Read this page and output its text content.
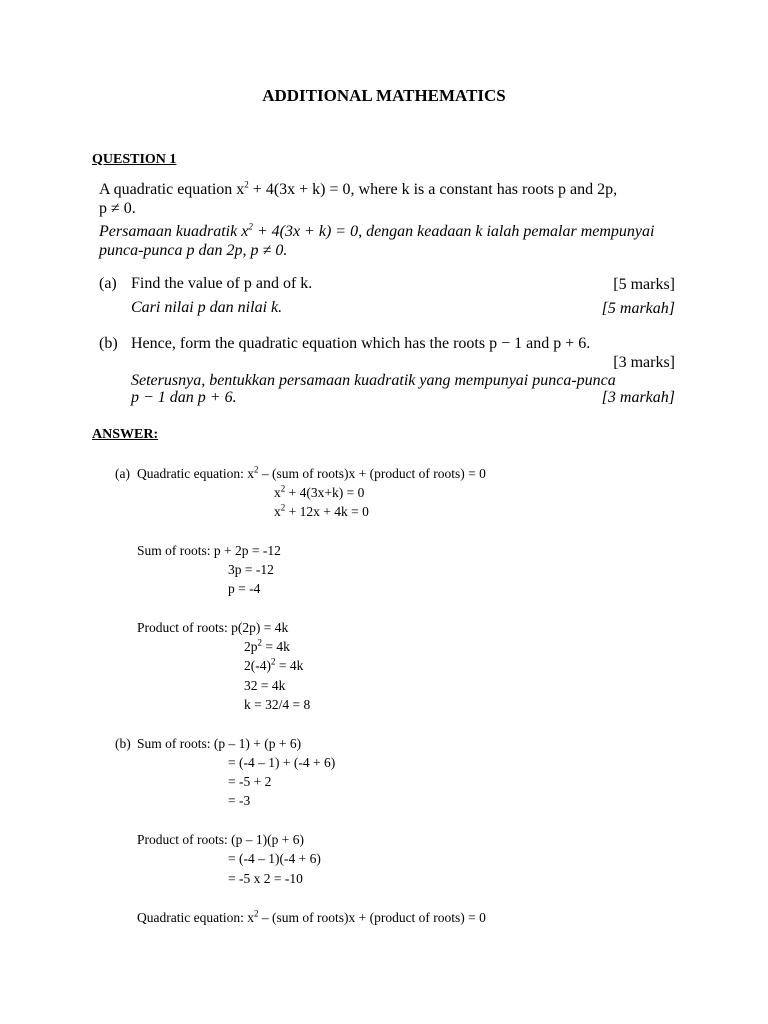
ADDITIONAL MATHEMATICS
QUESTION 1
A quadratic equation $x^2 + 4(3x + k) = 0$, where k is a constant has roots p and 2p,
p ≠ 0.
Persamaan kuadratik $x^2 + 4(3x + k) = 0$, dengan keadaan k ialah pemalar mempunyai
punca-punca p dan 2p, p ≠ 0.
(a) Find the value of p and of k.	[5 marks]
Cari nilai p dan nilai k.	[5 markah]
(b) Hence, form the quadratic equation which has the roots p − 1 and p + 6.
[3 marks]
Seterusnya, bentukkan persamaan kuadratik yang mempunyai punca-punca
p − 1 dan p + 6.	[3 markah]
ANSWER:
(a) Quadratic equation: $x^2 - (sum$ of roots)x + (product of roots) = 0
$x^2 + 4(3x+k) = 0$
$x^2 + 12x + 4k = 0$
Sum of roots: p + 2p = -12
3p = -12
p = -4
Product of roots: p(2p) = 4k
$2p^2 = 4k$
$2(-4)^2 = 4k$
32 = 4k
k = 32/4 = 8
(b) Sum of roots: (p – 1) + (p + 6)
= (-4 – 1) + (-4 + 6)
= -5 + 2
= -3
Product of roots: (p – 1)(p + 6)
= (-4 – 1)(-4 + 6)
= -5 x 2 = -10
Quadratic equation: $x^2 - (sum$ of roots)x + (product of roots) = 0
